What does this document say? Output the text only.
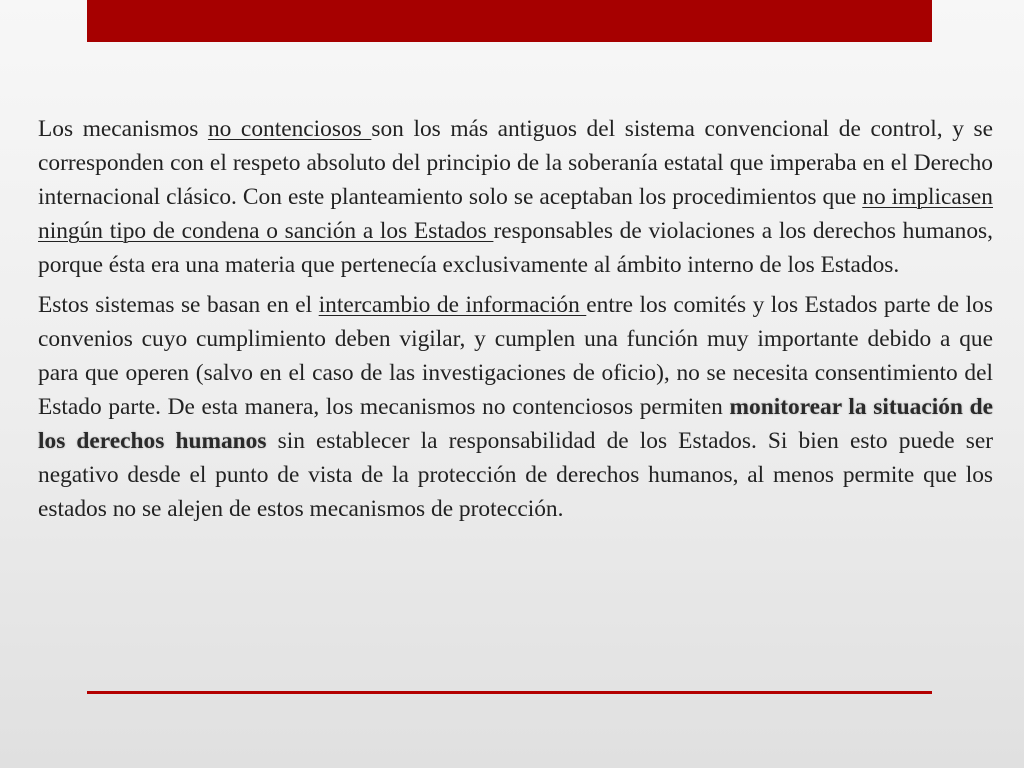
Los mecanismos no contenciosos son los más antiguos del sistema convencional de control, y se corresponden con el respeto absoluto del principio de la soberanía estatal que imperaba en el Derecho internacional clásico. Con este planteamiento solo se aceptaban los procedimientos que no implicasen ningún tipo de condena o sanción a los Estados responsables de violaciones a los derechos humanos, porque ésta era una materia que pertenecía exclusivamente al ámbito interno de los Estados.

Estos sistemas se basan en el intercambio de información entre los comités y los Estados parte de los convenios cuyo cumplimiento deben vigilar, y cumplen una función muy importante debido a que para que operen (salvo en el caso de las investigaciones de oficio), no se necesita consentimiento del Estado parte. De esta manera, los mecanismos no contenciosos permiten monitorear la situación de los derechos humanos sin establecer la responsabilidad de los Estados. Si bien esto puede ser negativo desde el punto de vista de la protección de derechos humanos, al menos permite que los estados no se alejen de estos mecanismos de protección.
